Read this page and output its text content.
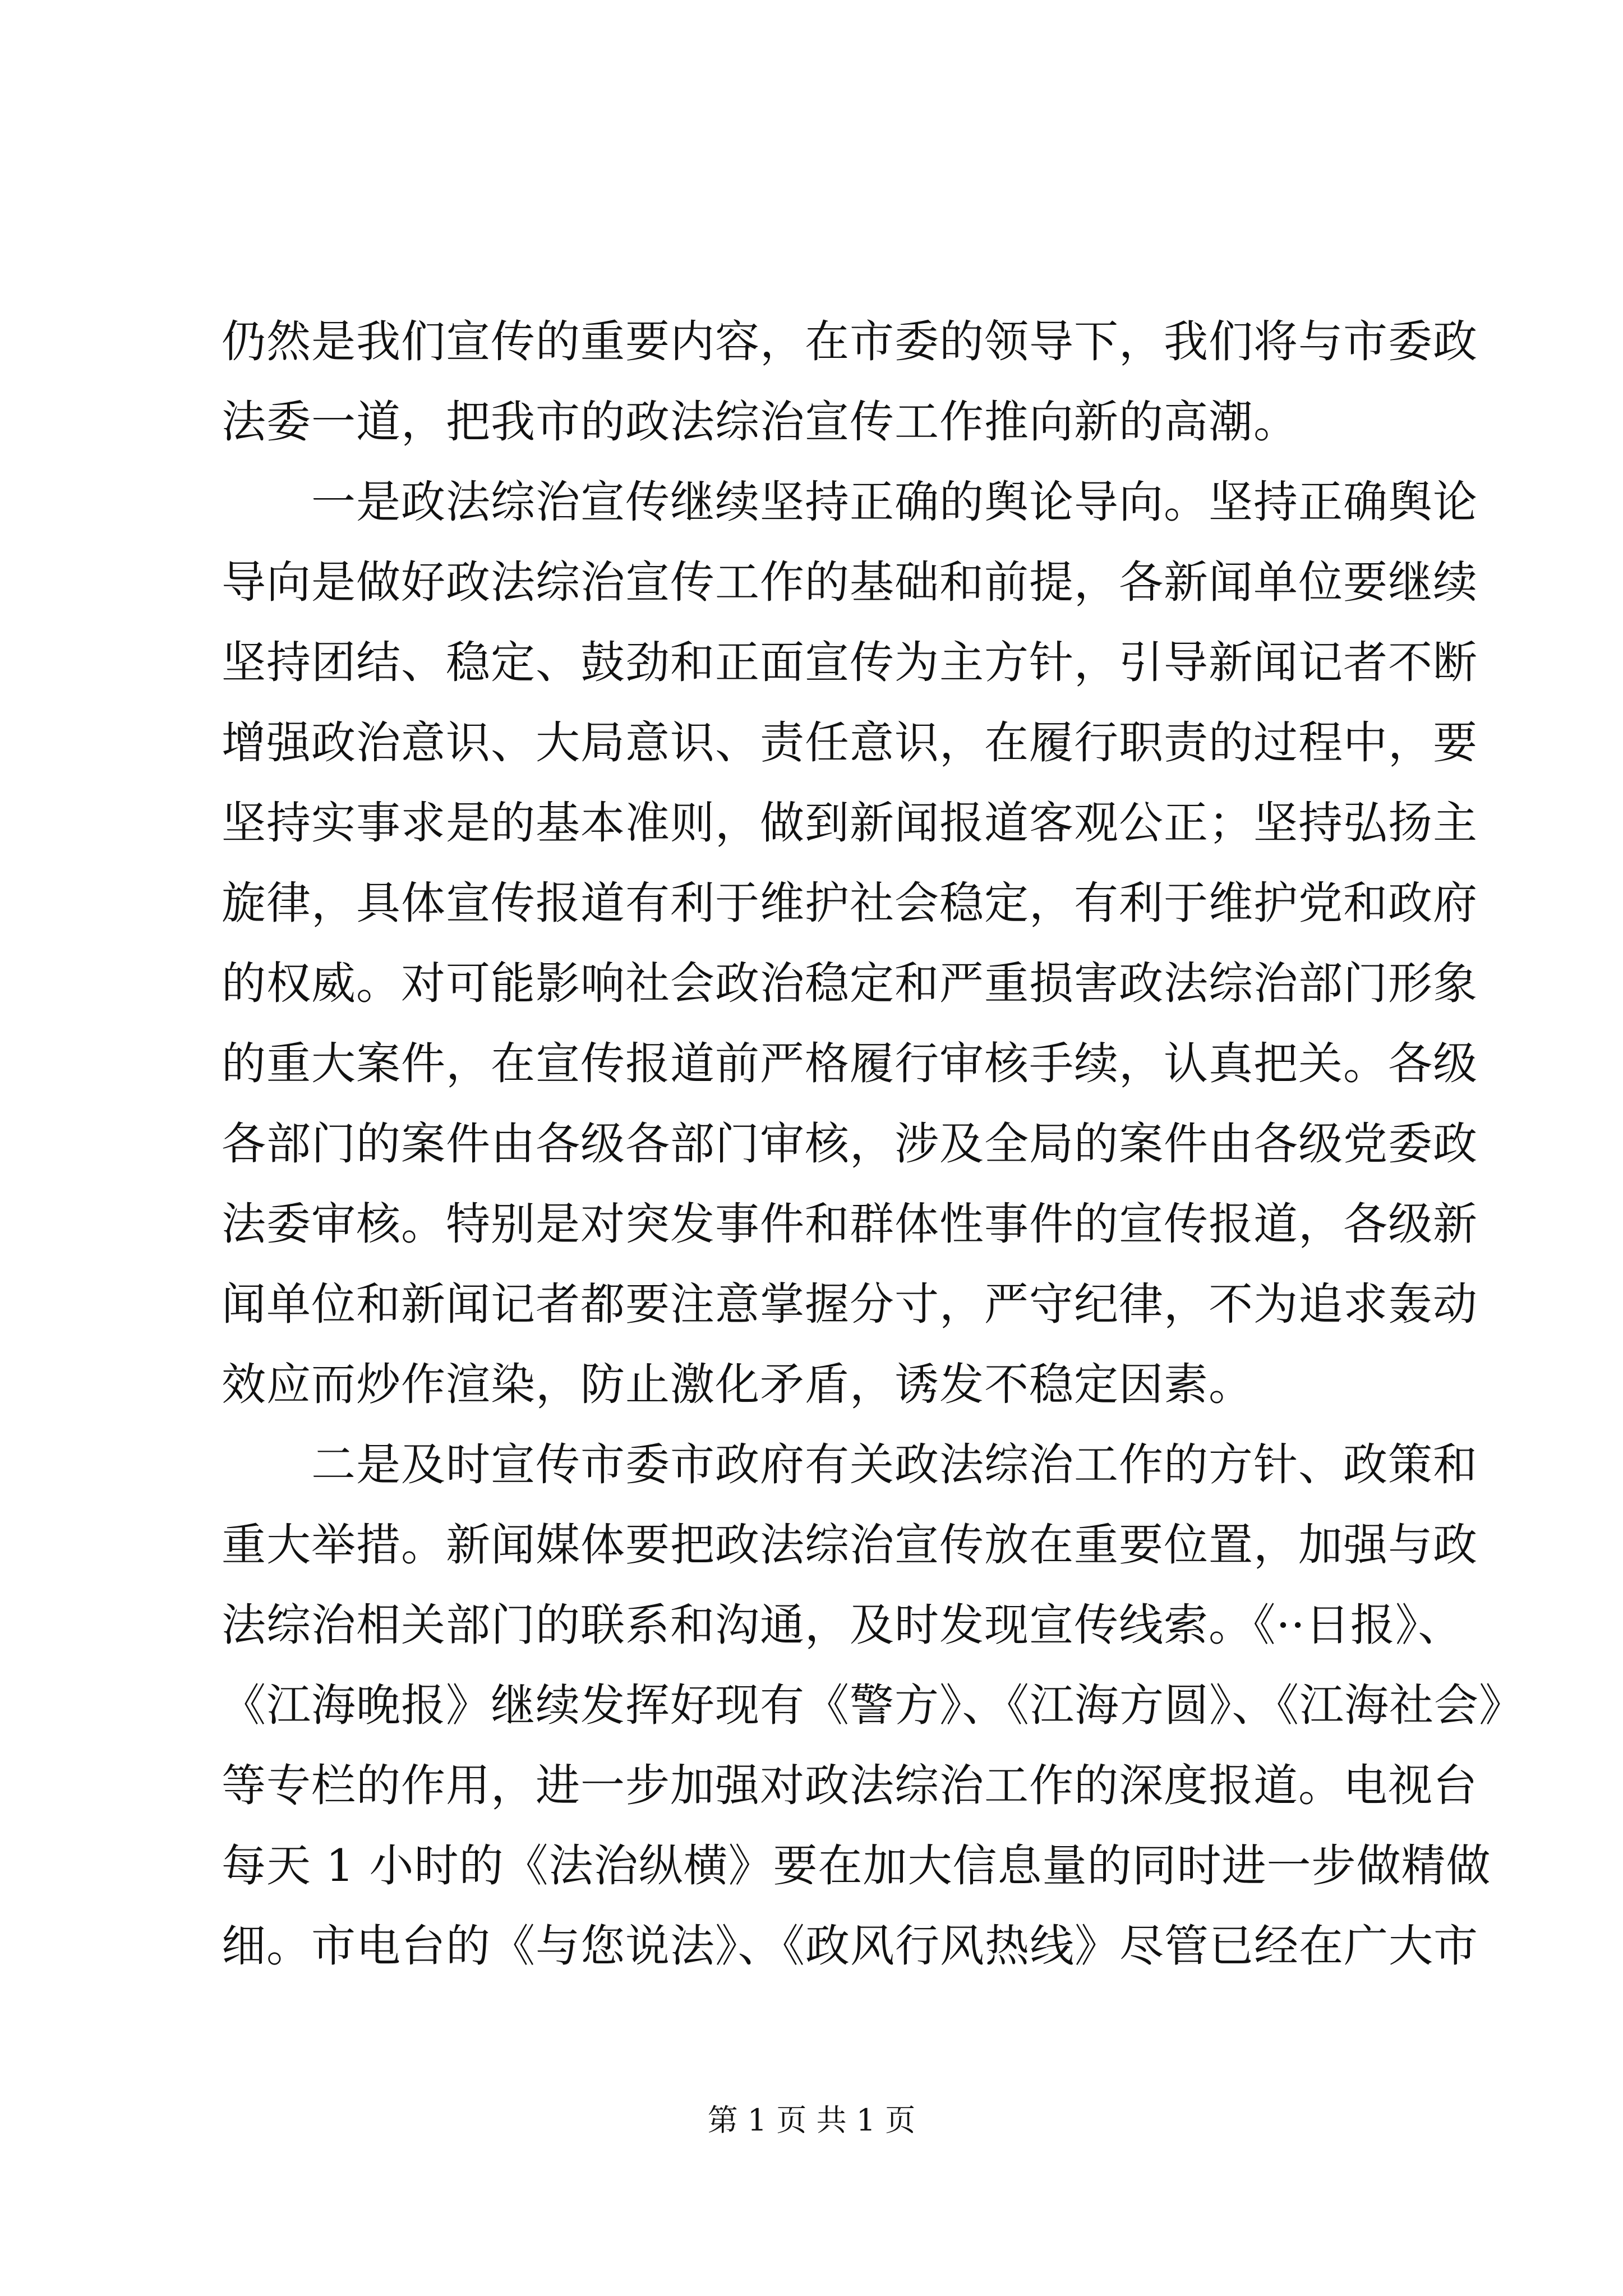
仍然是我们宣传的重要内容，在市委的领导下，我们将与市委政
法委一道，把我市的政法综治宣传工作推向新的高潮。
　　一是政法综治宣传继续坚持正确的舆论导向。坚持正确舆论
导向是做好政法综治宣传工作的基础和前提，各新闻单位要继续
坚持团结、稳定、鼓劲和正面宣传为主方针，引导新闻记者不断
增强政治意识、大局意识、责任意识，在履行职责的过程中，要
坚持实事求是的基本准则，做到新闻报道客观公正；坚持弘扬主
旋律，具体宣传报道有利于维护社会稳定，有利于维护党和政府
的权威。对可能影响社会政治稳定和严重损害政法综治部门形象
的重大案件，在宣传报道前严格履行审核手续，认真把关。各级
各部门的案件由各级各部门审核，涉及全局的案件由各级党委政
法委审核。特别是对突发事件和群体性事件的宣传报道，各级新
闻单位和新闻记者都要注意掌握分寸，严守纪律，不为追求轰动
效应而炒作渲染，防止激化矛盾，诱发不稳定因素。
　　二是及时宣传市委市政府有关政法综治工作的方针、政策和
重大举措。新闻媒体要把政法综治宣传放在重要位置，加强与政
法综治相关部门的联系和沟通，及时发现宣传线索。《··日报》、
《江海晚报》继续发挥好现有《警方》、《江海方圆》、《江海社会》
等专栏的作用，进一步加强对政法综治工作的深度报道。电视台
每天 1 小时的《法治纵横》要在加大信息量的同时进一步做精做
细。市电台的《与您说法》、《政风行风热线》尽管已经在广大市
第 1 页 共 1 页
